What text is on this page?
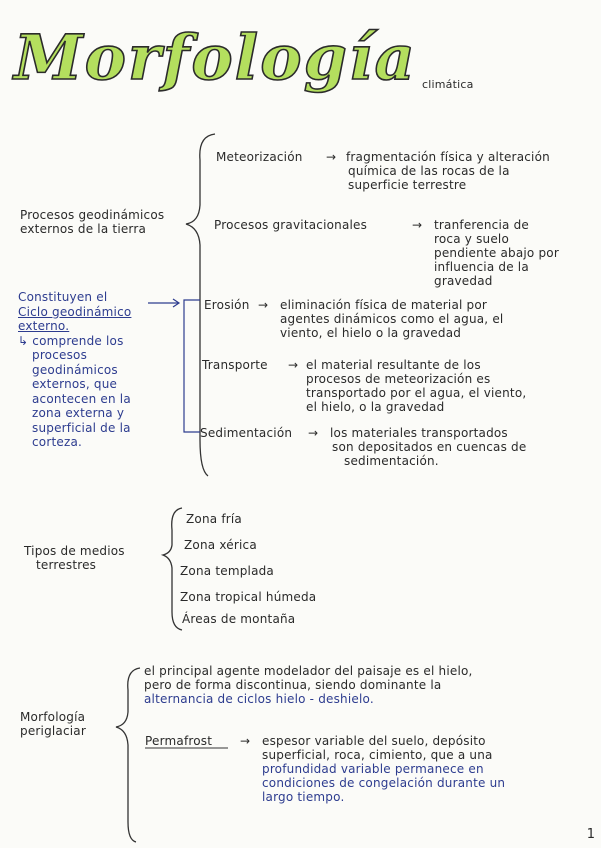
Morfología climática
Procesos geodinámicos
externos de la tierra
Meteorización → fragmentación física y alteración
química de las rocas de la
superficie terrestre
Procesos gravitacionales	→ tranferencia de
roca y suelo
pendiente abajo por
influencia de la
gravedad
Erosión → eliminación física de material por
agentes dinámicos como el agua, el
viento, el hielo o la gravedad
Transporte → el material resultante de los
procesos de meteorización es
transportado por el agua, el viento,
el hielo, o la gravedad
Sedimentación → los materiales transportados
son depositados en cuencas de
sedimentación.
Constituyen el
Ciclo geodinámico
externo.
↳ comprende los
procesos
geodinámicos
externos, que
acontecen en la
zona externa y
superficial de la
corteza.
Tipos de medios
terrestres
Zona fría
Zona xérica
Zona templada
Zona tropical húmeda
Áreas de montaña
Morfología
periglaciar
el principal agente modelador del paisaje es el hielo,
pero de forma discontinua, siendo dominante la
alternancia de ciclos hielo - deshielo.
Permafrost → espesor variable del suelo, depósito
superficial, roca, cimiento, que a una
profundidad variable permanece en
condiciones de congelación durante un
largo tiempo.
1
